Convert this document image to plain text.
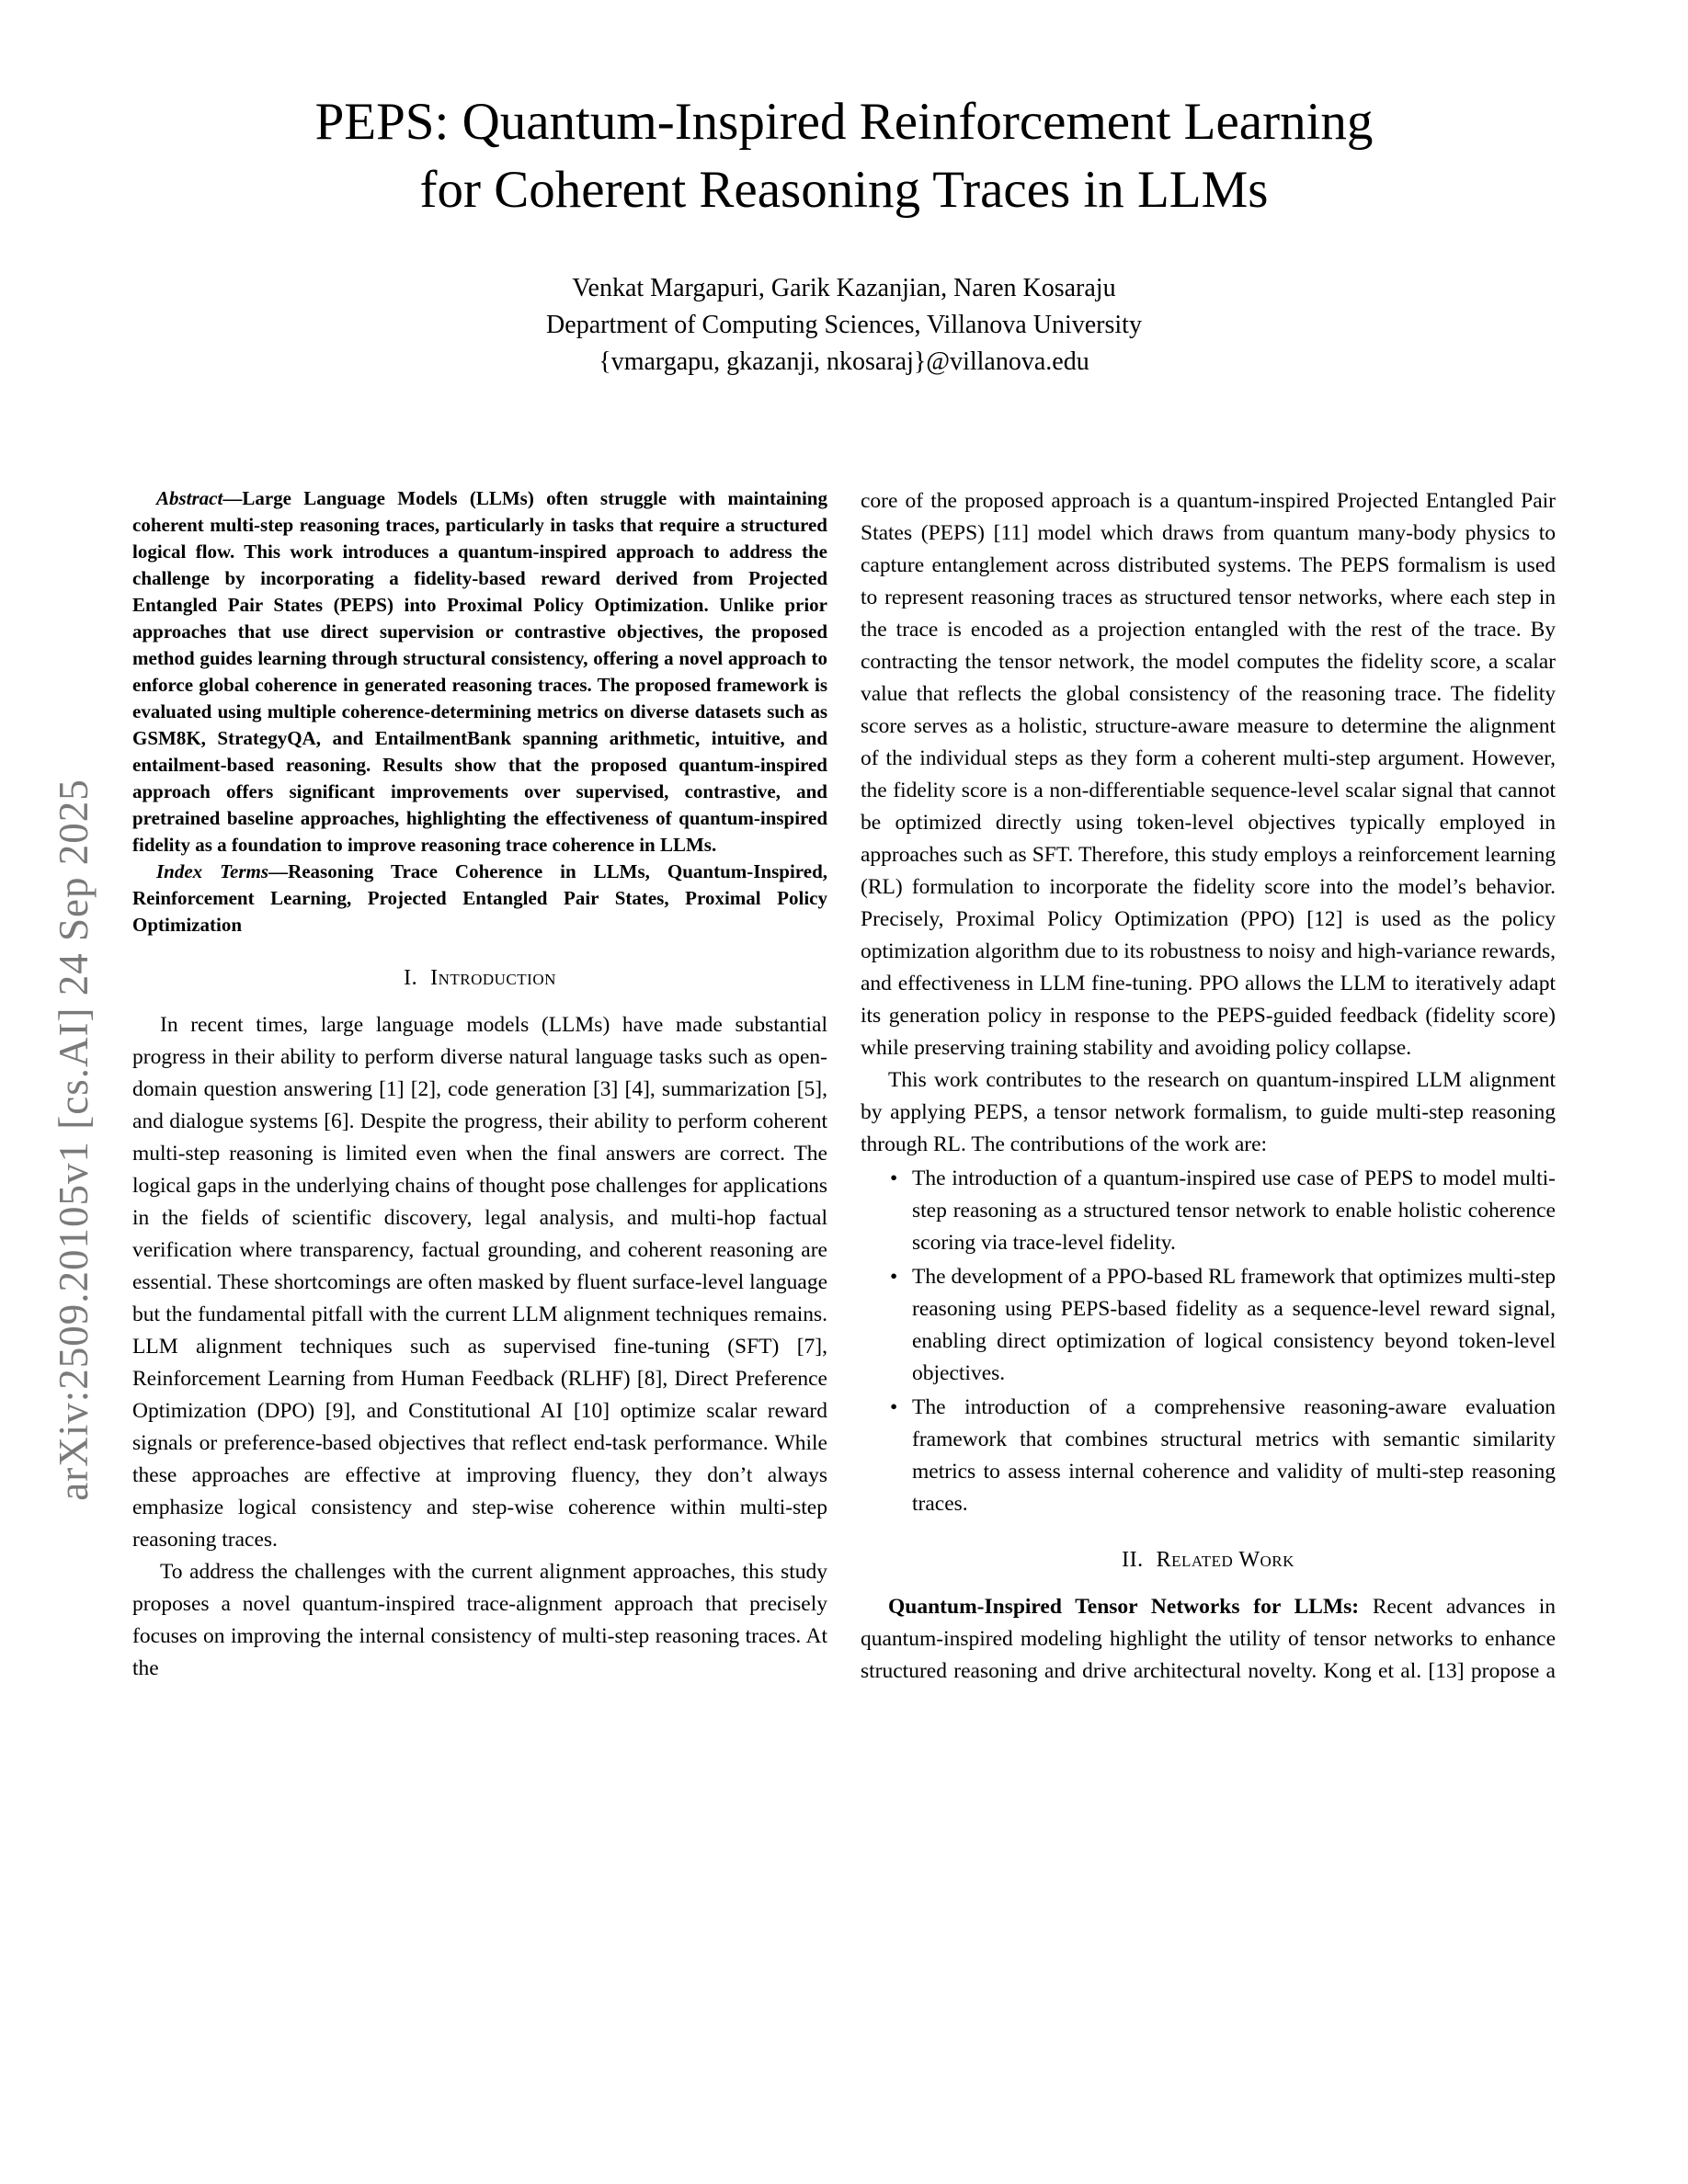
arXiv:2509.20105v1 [cs.AI] 24 Sep 2025
PEPS: Quantum-Inspired Reinforcement Learning
for Coherent Reasoning Traces in LLMs
Venkat Margapuri, Garik Kazanjian, Naren Kosaraju
Department of Computing Sciences, Villanova University
{vmargapu, gkazanji, nkosaraj}@villanova.edu

Abstract—Large Language Models (LLMs) often struggle with maintaining coherent multi-step reasoning traces, particularly in tasks that require a structured logical flow. This work introduces a quantum-inspired approach to address the challenge by incorporating a fidelity-based reward derived from Projected Entangled Pair States (PEPS) into Proximal Policy Optimization. Unlike prior approaches that use direct supervision or contrastive objectives, the proposed method guides learning through structural consistency, offering a novel approach to enforce global coherence in generated reasoning traces. The proposed framework is evaluated using multiple coherence-determining metrics on diverse datasets such as GSM8K, StrategyQA, and EntailmentBank spanning arithmetic, intuitive, and entailment-based reasoning. Results show that the proposed quantum-inspired approach offers significant improvements over supervised, contrastive, and pretrained baseline approaches, highlighting the effectiveness of quantum-inspired fidelity as a foundation to improve reasoning trace coherence in LLMs.

Index Terms—Reasoning Trace Coherence in LLMs, Quantum-Inspired, Reinforcement Learning, Projected Entangled Pair States, Proximal Policy Optimization

I. Introduction

In recent times, large language models (LLMs) have made substantial progress in their ability to perform diverse natural language tasks such as open-domain question answering [1] [2], code generation [3] [4], summarization [5], and dialogue systems [6]. Despite the progress, their ability to perform coherent multi-step reasoning is limited even when the final answers are correct. The logical gaps in the underlying chains of thought pose challenges for applications in the fields of scientific discovery, legal analysis, and multi-hop factual verification where transparency, factual grounding, and coherent reasoning are essential. These shortcomings are often masked by fluent surface-level language but the fundamental pitfall with the current LLM alignment techniques remains. LLM alignment techniques such as supervised fine-tuning (SFT) [7], Reinforcement Learning from Human Feedback (RLHF) [8], Direct Preference Optimization (DPO) [9], and Constitutional AI [10] optimize scalar reward signals or preference-based objectives that reflect end-task performance. While these approaches are effective at improving fluency, they don’t always emphasize logical consistency and step-wise coherence within multi-step reasoning traces.

To address the challenges with the current alignment approaches, this study proposes a novel quantum-inspired trace-alignment approach that precisely focuses on improving the internal consistency of multi-step reasoning traces. At the

core of the proposed approach is a quantum-inspired Projected Entangled Pair States (PEPS) [11] model which draws from quantum many-body physics to capture entanglement across distributed systems. The PEPS formalism is used to represent reasoning traces as structured tensor networks, where each step in the trace is encoded as a projection entangled with the rest of the trace. By contracting the tensor network, the model computes the fidelity score, a scalar value that reflects the global consistency of the reasoning trace. The fidelity score serves as a holistic, structure-aware measure to determine the alignment of the individual steps as they form a coherent multi-step argument. However, the fidelity score is a non-differentiable sequence-level scalar signal that cannot be optimized directly using token-level objectives typically employed in approaches such as SFT. Therefore, this study employs a reinforcement learning (RL) formulation to incorporate the fidelity score into the model’s behavior. Precisely, Proximal Policy Optimization (PPO) [12] is used as the policy optimization algorithm due to its robustness to noisy and high-variance rewards, and effectiveness in LLM fine-tuning. PPO allows the LLM to iteratively adapt its generation policy in response to the PEPS-guided feedback (fidelity score) while preserving training stability and avoiding policy collapse.

This work contributes to the research on quantum-inspired LLM alignment by applying PEPS, a tensor network formalism, to guide multi-step reasoning through RL. The contributions of the work are:

• The introduction of a quantum-inspired use case of PEPS to model multi-step reasoning as a structured tensor network to enable holistic coherence scoring via trace-level fidelity.
• The development of a PPO-based RL framework that optimizes multi-step reasoning using PEPS-based fidelity as a sequence-level reward signal, enabling direct optimization of logical consistency beyond token-level objectives.
• The introduction of a comprehensive reasoning-aware evaluation framework that combines structural metrics with semantic similarity metrics to assess internal coherence and validity of multi-step reasoning traces.
II. Related Work

Quantum-Inspired Tensor Networks for LLMs: Recent advances in quantum-inspired modeling highlight the utility of tensor networks to enhance structured reasoning and drive architectural novelty. Kong et al. [13] propose a
